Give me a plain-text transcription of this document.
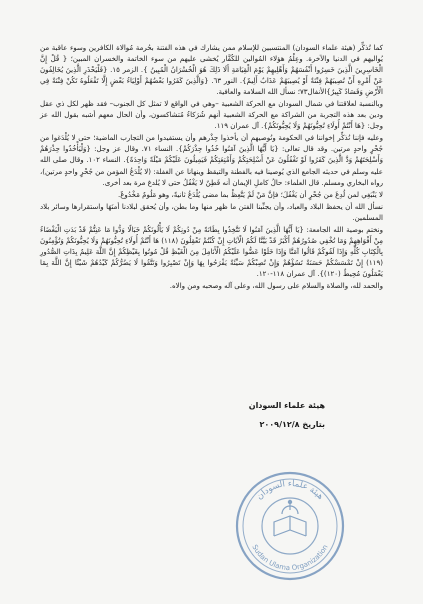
كما تُذكِّر (هيئة علماء السودان) المنتسبين للإسلام ممن يشارك في هذه الفتنة بحُرمة مُوالاة الكافرين وسوء عاقبة من يُواليهم في الدنيا والآخرة. وعِلْمُ هؤلاء المُوالين للكُفَّار يُخشى عليهم من سوء الخاتمة والخسران المبين؛ { قُلْ إِنَّ الْخَاسِرِينَ الَّذِينَ خَسِرُوا أَنْفُسَهُمْ وَأَهْلِيهِمْ يَوْمَ الْقِيَامَةِ أَلَا ذَلِكَ هُوَ الْخُسْرَانُ الْمُبِينُ }. الزمر ١٥. {فَلْيَحْذَرِ الَّذِينَ يُخَالِفُونَ عَنْ أَمْرِهِ أَنْ تُصِيبَهُمْ فِتْنَةٌ أَوْ يُصِيبَهُمْ عَذَابٌ أَلِيمٌ}. النور ٦٣. {وَالَّذِينَ كَفَرُوا بَعْضُهُمْ أَوْلِيَاءُ بَعْضٍ إِلَّا تَفْعَلُوهُ تَكُنْ فِتْنَةٌ فِي الْأَرْضِ وَفَسَادٌ كَبِيرٌ}الأنفال٧٣؛ نسأل الله السلامة والعافية.

وبالنسبة لعلاقتنا في شمال السودان مع الحركة الشعبية –وهي في الواقع لا تمثل كل الجنوب– فقد ظهر لكل ذي عقل ودين بعد هذه التجربة من الشراكة مع الحركة الشعبية أنهم شُرَكاءُ مُتشاكسون، وأن الحال معهم أشبه بقول الله عز وجل: {هَا أَنْتُمْ أُولَاءِ تُحِبُّونَهُمْ وَلَا يُحِبُّونَكُمْ}. آل عمران ١١٩.

وعليه فإننا نُذكِّر إخواننا في الحكومة ونُوصيهم أن يأخذوا حِذْرهم وأن يستفيدوا من التجارب الماضية؛ حتى لا يُلْدَغوا من جُحْرٍ واحدٍ مرتين. وقد قال تعالى: {يَا أَيُّهَا الَّذِينَ آمَنُوا خُذُوا حِذْرَكُمْ}. النساء ٧١. وقال عز وجل: {وَلْيَأْخُذُوا حِذْرَهُمْ وَأَسْلِحَتَهُمْ وَدَّ الَّذِينَ كَفَرُوا لَوْ تَغْفُلُونَ عَنْ أَسْلِحَتِكُمْ وَأَمْتِعَتِكُمْ فَيَمِيلُونَ عَلَيْكُمْ مَيْلَةً وَاحِدَةً}. النساء ١٠٢. وقال صلى الله عليه وسلم في حديثه الجامع الذي يُوصينا فيه بالفطنة والتيقظ وينهانا عن الغفلة: (لا يُلْدَغُ المؤمن من جُحْرٍ واحدٍ مرتين)، رواه البخاري ومسلم. قال العلماء: حالُ كاملِ الإيمان أنه فَطِنٌ لا يَغْفُلُ حتى لا يُلدغ مرة بعد أخرى.

لا يَنْبَغِي لمن لُدِغَ من جُحْرٍ أن يَغْفُلَ؛ فإنَّ مَنْ لَمْ يَتَّعِظْ بما مضى يُلْدَغُ ثانيةً، وهو مَلُومٌ مَخْدُوعٌ.

نسأل الله أن يحفظ البلاد والعباد، وأن يجنِّبنا الفتن ما ظهر منها وما بطن، وأن يُحقق لبلادنا أمنَهَا واستقرارها وسائر بلاد المسلمين.

ونختم بوصية الله الجامعة: {يَا أَيُّهَا الَّذِينَ آمَنُوا لَا تَتَّخِذُوا بِطَانَةً مِنْ دُونِكُمْ لَا يَأْلُونَكُمْ خَبَالًا وَدُّوا مَا عَنِتُّمْ قَدْ بَدَتِ الْبَغْضَاءُ مِنْ أَفْوَاهِهِمْ وَمَا تُخْفِي صُدُورُهُمْ أَكْبَرُ قَدْ بَيَّنَّا لَكُمُ الْآيَاتِ إِنْ كُنْتُمْ تَعْقِلُونَ (١١٨) هَا أَنْتُمْ أُولَاءِ تُحِبُّونَهُمْ وَلَا يُحِبُّونَكُمْ وَتُؤْمِنُونَ بِالْكِتَابِ كُلِّهِ وَإِذَا لَقُوكُمْ قَالُوا آمَنَّا وَإِذَا خَلَوْا عَضُّوا عَلَيْكُمُ الْأَنَامِلَ مِنَ الْغَيْظِ قُلْ مُوتُوا بِغَيْظِكُمْ إِنَّ اللَّهَ عَلِيمٌ بِذَاتِ الصُّدُورِ (١١٩) إِنْ تَمْسَسْكُمْ حَسَنَةٌ تَسُؤْهُمْ وَإِنْ تُصِبْكُمْ سَيِّئَةٌ يَفْرَحُوا بِهَا وَإِنْ تَصْبِرُوا وَتَتَّقُوا لَا يَضُرُّكُمْ كَيْدُهُمْ شَيْئًا إِنَّ اللَّهَ بِمَا يَعْمَلُونَ مُحِيطٌ (١٢٠)}. آل عمران ١١٨-١٢٠.

والحمد لله، والصلاة والسلام على رسول الله، وعلى آله وصحبه ومن والاه.

هيئة علماء السودان
بتاريخ ٢٠٠٩/١٢/٨
هيئة علماء السودان
Sudan Ulama Organization
